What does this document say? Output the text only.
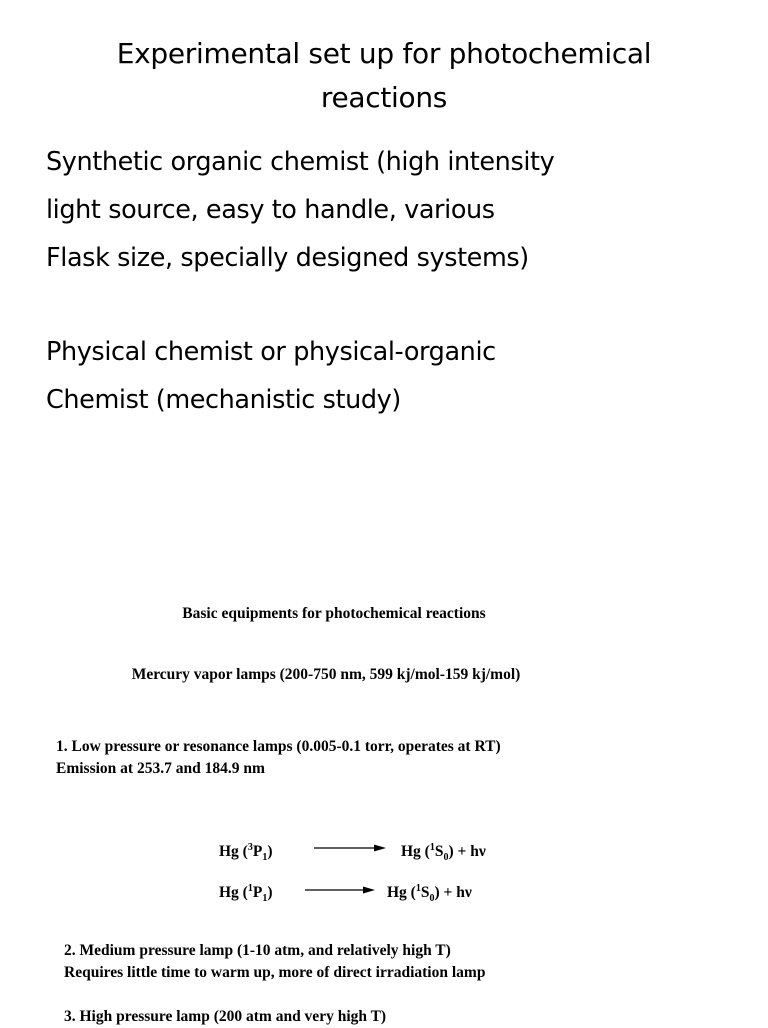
Experimental set up for photochemical
reactions
Synthetic organic chemist (high intensity
light source, easy to handle, various
Flask size, specially designed systems)
Physical chemist or physical-organic
Chemist (mechanistic study)
Basic equipments for photochemical reactions
Mercury vapor lamps (200-750 nm, 599 kj/mol-159 kj/mol)
1. Low pressure or resonance lamps (0.005-0.1 torr, operates at RT)
Emission at 253.7 and 184.9 nm
Hg $(^3P_1)$	Hg $(^1S_0) + h\nu$
Hg $(^1P_1)$	Hg $(^1S_0) + h\nu$
2. Medium pressure lamp (1-10 atm, and relatively high T)
Requires little time to warm up, more of direct irradiation lamp
3. High pressure lamp (200 atm and very high T)
